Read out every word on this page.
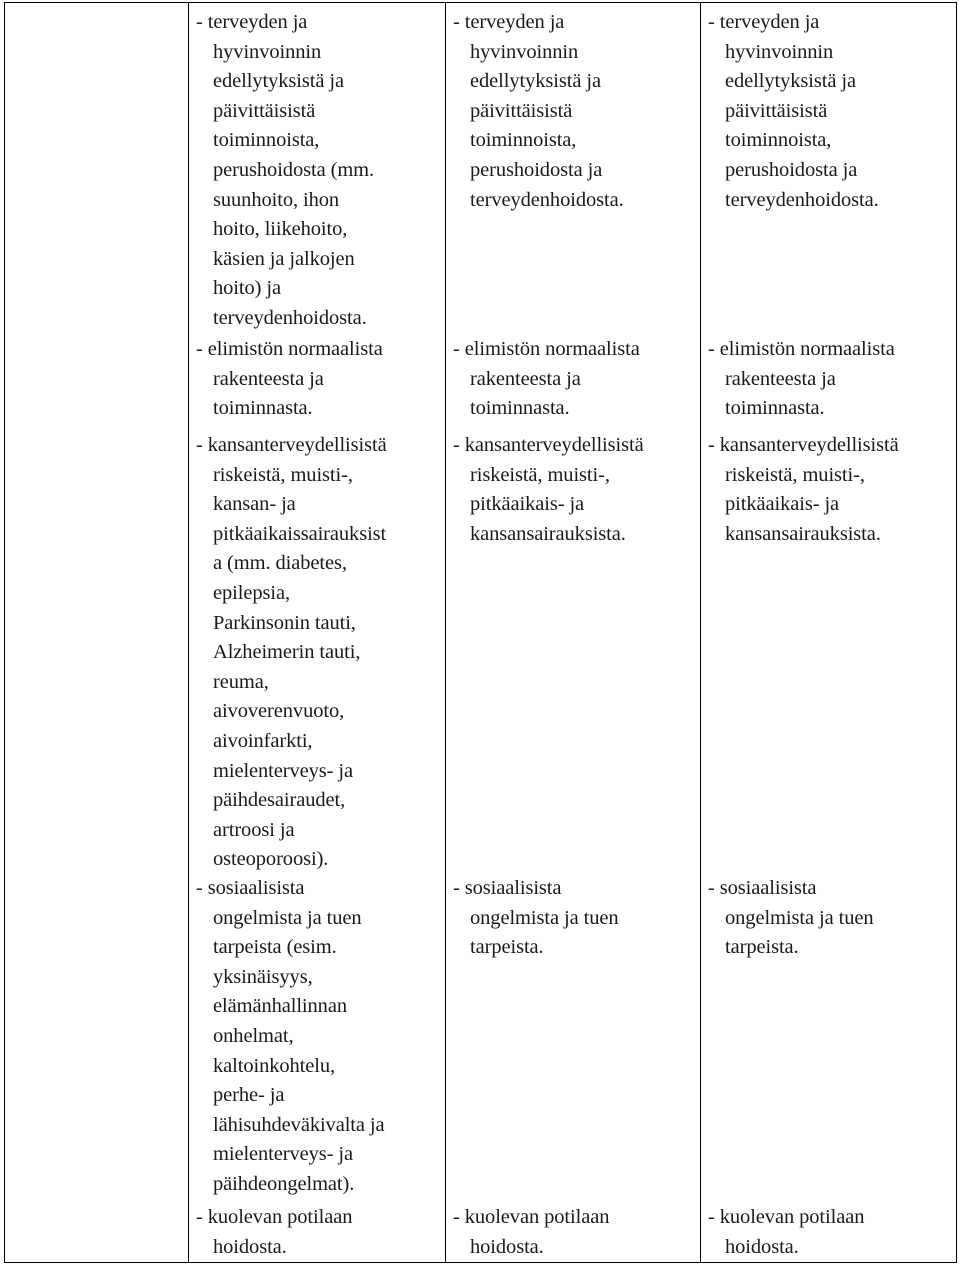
- terveyden ja
hyvinvoinnin
edellytyksistä ja
päivittäisistä
toiminnoista,
perushoidosta (mm.
suunhoito, ihon
hoito, liikehoito,
käsien ja jalkojen
hoito) ja
terveydenhoidosta.
- elimistön normaalista
rakenteesta ja
toiminnasta.
- kansanterveydellisistä
riskeistä, muisti-,
kansan- ja
pitkäaikaissairauksist
a (mm. diabetes,
epilepsia,
Parkinsonin tauti,
Alzheimerin tauti,
reuma,
aivoverenvuoto,
aivoinfarkti,
mielenterveys- ja
päihdesairaudet,
artroosi ja
osteoporoosi).
- sosiaalisista
ongelmista ja tuen
tarpeista (esim.
yksinäisyys,
elämänhallinnan
onhelmat,
kaltoinkohtelu,
perhe- ja
lähisuhdeväkivalta ja
mielenterveys- ja
päihdeongelmat).
- kuolevan potilaan
hoidosta.
- terveyden ja
hyvinvoinnin
edellytyksistä ja
päivittäisistä
toiminnoista,
perushoidosta ja
terveydenhoidosta.
- elimistön normaalista
rakenteesta ja
toiminnasta.
- kansanterveydellisistä
riskeistä, muisti-,
pitkäaikais- ja
kansansairauksista.
- sosiaalisista
ongelmista ja tuen
tarpeista.
- kuolevan potilaan
hoidosta.
- terveyden ja
hyvinvoinnin
edellytyksistä ja
päivittäisistä
toiminnoista,
perushoidosta ja
terveydenhoidosta.
- elimistön normaalista
rakenteesta ja
toiminnasta.
- kansanterveydellisistä
riskeistä, muisti-,
pitkäaikais- ja
kansansairauksista.
- sosiaalisista
ongelmista ja tuen
tarpeista.
- kuolevan potilaan
hoidosta.
